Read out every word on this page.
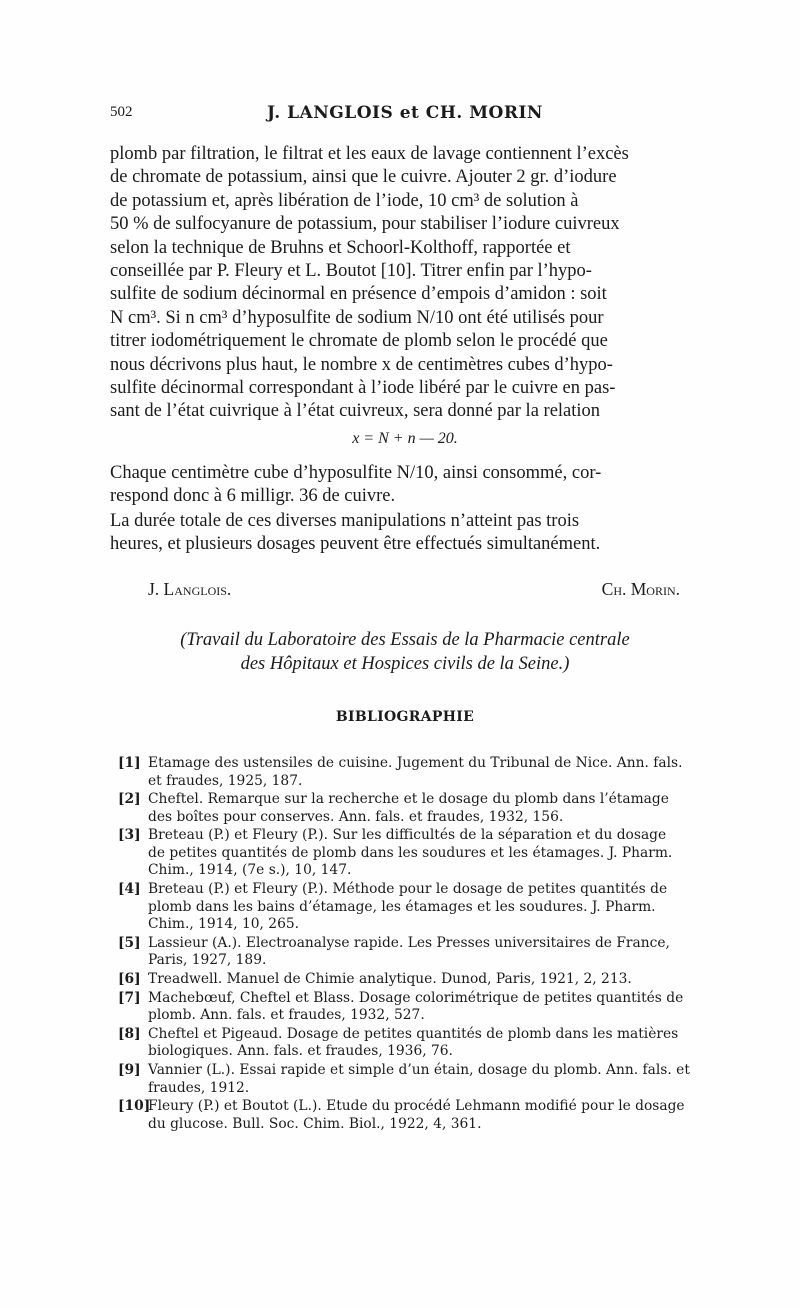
502	J. LANGLOIS et CH. MORIN
plomb par filtration, le filtrat et les eaux de lavage contiennent l’excès
de chromate de potassium, ainsi que le cuivre. Ajouter 2 gr. d’iodure
de potassium et, après libération de l’iode, 10 cm³ de solution à
50 % de sulfocyanure de potassium, pour stabiliser l’iodure cuivreux
selon la technique de Bruhns et Schoorl-Kolthoff, rapportée et
conseillée par P. Fleury et L. Boutot [10]. Titrer enfin par l’hypo-
sulfite de sodium décinormal en présence d’empois d’amidon : soit
N cm³. Si n cm³ d’hyposulfite de sodium N/10 ont été utilisés pour
titrer iodométriquement le chromate de plomb selon le procédé que
nous décrivons plus haut, le nombre x de centimètres cubes d’hypo-
sulfite décinormal correspondant à l’iode libéré par le cuivre en pas-
sant de l’état cuivrique à l’état cuivreux, sera donné par la relation
x = N + n — 20.
Chaque centimètre cube d’hyposulfite N/10, ainsi consommé, cor-
respond donc à 6 milligr. 36 de cuivre.
La durée totale de ces diverses manipulations n’atteint pas trois
heures, et plusieurs dosages peuvent être effectués simultanément.
J. Langlois.	Ch. Morin.
(Travail du Laboratoire des Essais de la Pharmacie centrale
des Hôpitaux et Hospices civils de la Seine.)
BIBLIOGRAPHIE
[1] Etamage des ustensiles de cuisine. Jugement du Tribunal de Nice. Ann. fals.
et fraudes, 1925, 187.
[2] Cheftel. Remarque sur la recherche et le dosage du plomb dans l’étamage
des boîtes pour conserves. Ann. fals. et fraudes, 1932, 156.
[3] Breteau (P.) et Fleury (P.). Sur les difficultés de la séparation et du dosage
de petites quantités de plomb dans les soudures et les étamages. J. Pharm.
Chim., 1914, (7e s.), 10, 147.
[4] Breteau (P.) et Fleury (P.). Méthode pour le dosage de petites quantités de
plomb dans les bains d’étamage, les étamages et les soudures. J. Pharm.
Chim., 1914, 10, 265.
[5] Lassieur (A.). Electroanalyse rapide. Les Presses universitaires de France,
Paris, 1927, 189.
[6] Treadwell. Manuel de Chimie analytique. Dunod, Paris, 1921, 2, 213.
[7] Machebœuf, Cheftel et Blass. Dosage colorimétrique de petites quantités de
plomb. Ann. fals. et fraudes, 1932, 527.
[8] Cheftel et Pigeaud. Dosage de petites quantités de plomb dans les matières
biologiques. Ann. fals. et fraudes, 1936, 76.
[9] Vannier (L.). Essai rapide et simple d’un étain, dosage du plomb. Ann. fals. et
fraudes, 1912.
[10]
Fleury (P.) et Boutot (L.). Etude du procédé Lehmann modifié pour le dosage
du glucose. Bull. Soc. Chim. Biol., 1922, 4, 361.
